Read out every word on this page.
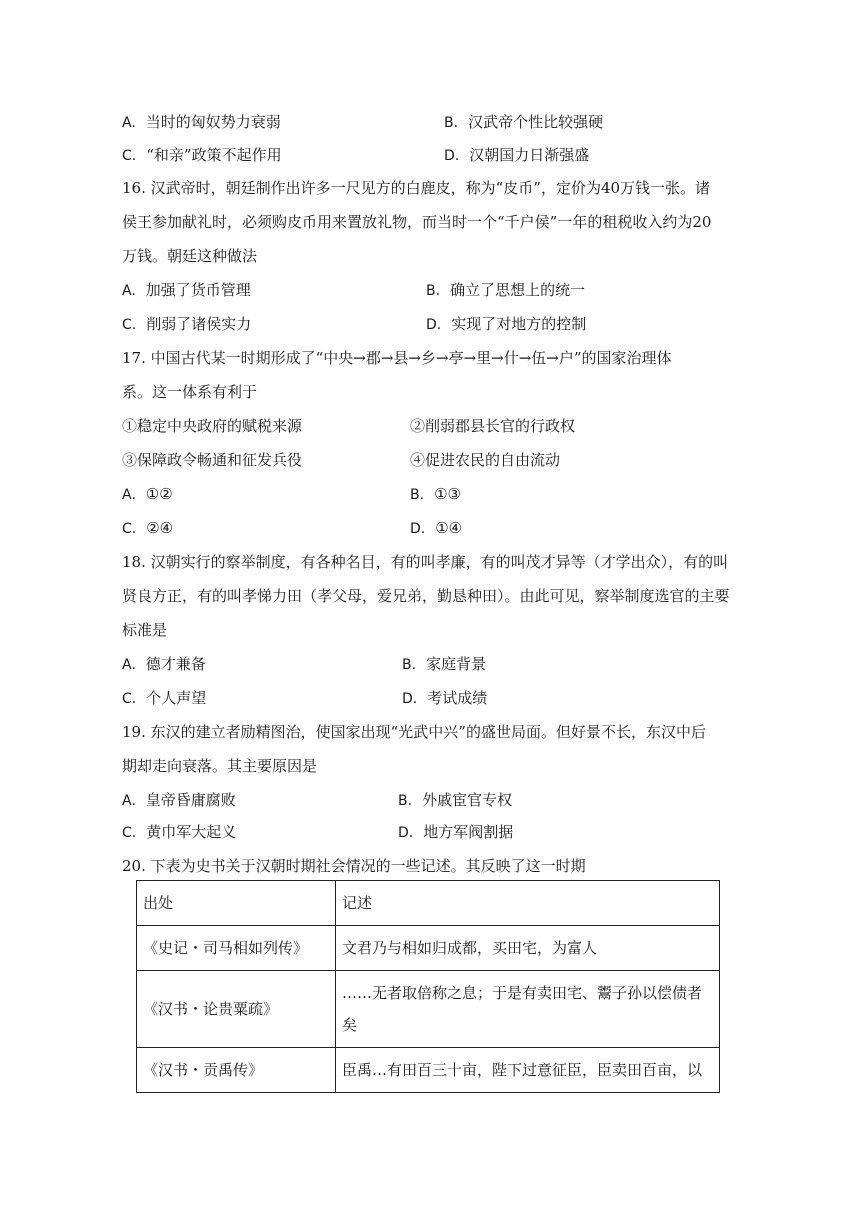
A. 当时的匈奴势力衰弱	B. 汉武帝个性比较强硬
C. “和亲”政策不起作用	D. 汉朝国力日渐强盛
16. 汉武帝时，朝廷制作出许多一尺见方的白鹿皮，称为“皮币”，定价为40万钱一张。诸
侯王参加献礼时，必须购皮币用来置放礼物，而当时一个“千户侯”一年的租税收入约为20
万钱。朝廷这种做法
A. 加强了货币管理	B. 确立了思想上的统一
C. 削弱了诸侯实力	D. 实现了对地方的控制
17. 中国古代某一时期形成了“中央→郡→县→乡→亭→里→什→伍→户”的国家治理体
系。这一体系有利于
①稳定中央政府的赋税来源	②削弱郡县长官的行政权
③保障政令畅通和征发兵役	④促进农民的自由流动
A. ①②	B. ①③
C. ②④	D. ①④
18. 汉朝实行的察举制度，有各种名目，有的叫孝廉，有的叫茂才异等（才学出众），有的叫
贤良方正，有的叫孝悌力田（孝父母，爱兄弟，勤恳种田）。由此可见，察举制度选官的主要
标准是
A. 德才兼备	B. 家庭背景
C. 个人声望	D. 考试成绩
19. 东汉的建立者励精图治，使国家出现“光武中兴”的盛世局面。但好景不长，东汉中后
期却走向衰落。其主要原因是
A. 皇帝昏庸腐败	B. 外戚宦官专权
C. 黄巾军大起义	D. 地方军阀割据
20. 下表为史书关于汉朝时期社会情况的一些记述。其反映了这一时期
出处	记述
《史记・司马相如列传》	文君乃与相如归成都，买田宅，为富人
《汉书・论贵粟疏》	……无者取倍称之息；于是有卖田宅、鬻子孙以偿债者矣
《汉书・贡禹传》	臣禹…有田百三十亩，陛下过意征臣，臣卖田百亩，以
